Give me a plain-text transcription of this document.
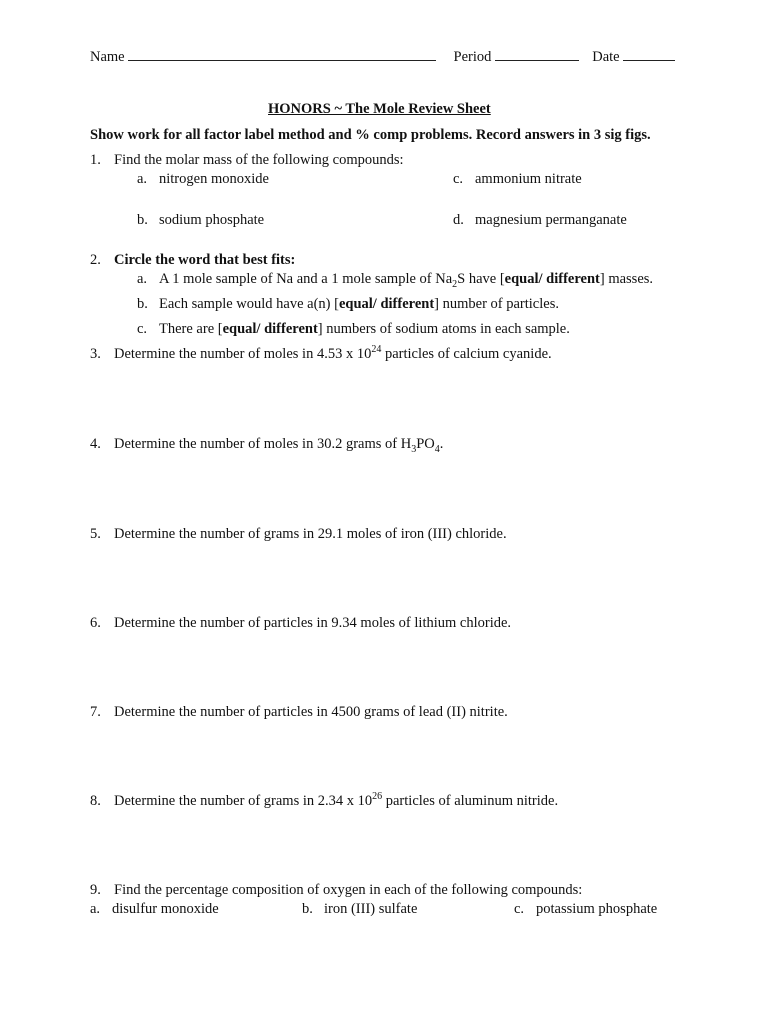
Name	Period	Date
HONORS ~ The Mole Review Sheet
Show work for all factor label method and % comp problems. Record answers in 3 sig figs.
1. Find the molar mass of the following compounds:
a. nitrogen monoxide	c. ammonium nitrate
b. sodium phosphate	d. magnesium permanganate
2. Circle the word that best fits:
a. A 1 mole sample of Na and a 1 mole sample of $Na_2S$ have [equal/ different] masses.
b. Each sample would have a(n) [equal/ different] number of particles.
c. There are [equal/ different] numbers of sodium atoms in each sample.
3. Determine the number of moles in 4.53 x $10^{24}$ particles of calcium cyanide.
4. Determine the number of moles in 30.2 grams of $H_3PO_4$.
5. Determine the number of grams in 29.1 moles of iron (III) chloride.
6. Determine the number of particles in 9.34 moles of lithium chloride.
7. Determine the number of particles in 4500 grams of lead (II) nitrite.
8. Determine the number of grams in 2.34 x $10^{26}$ particles of aluminum nitride.
9. Find the percentage composition of oxygen in each of the following compounds:
a. disulfur monoxide	b. iron (III) sulfate	c. potassium phosphate
